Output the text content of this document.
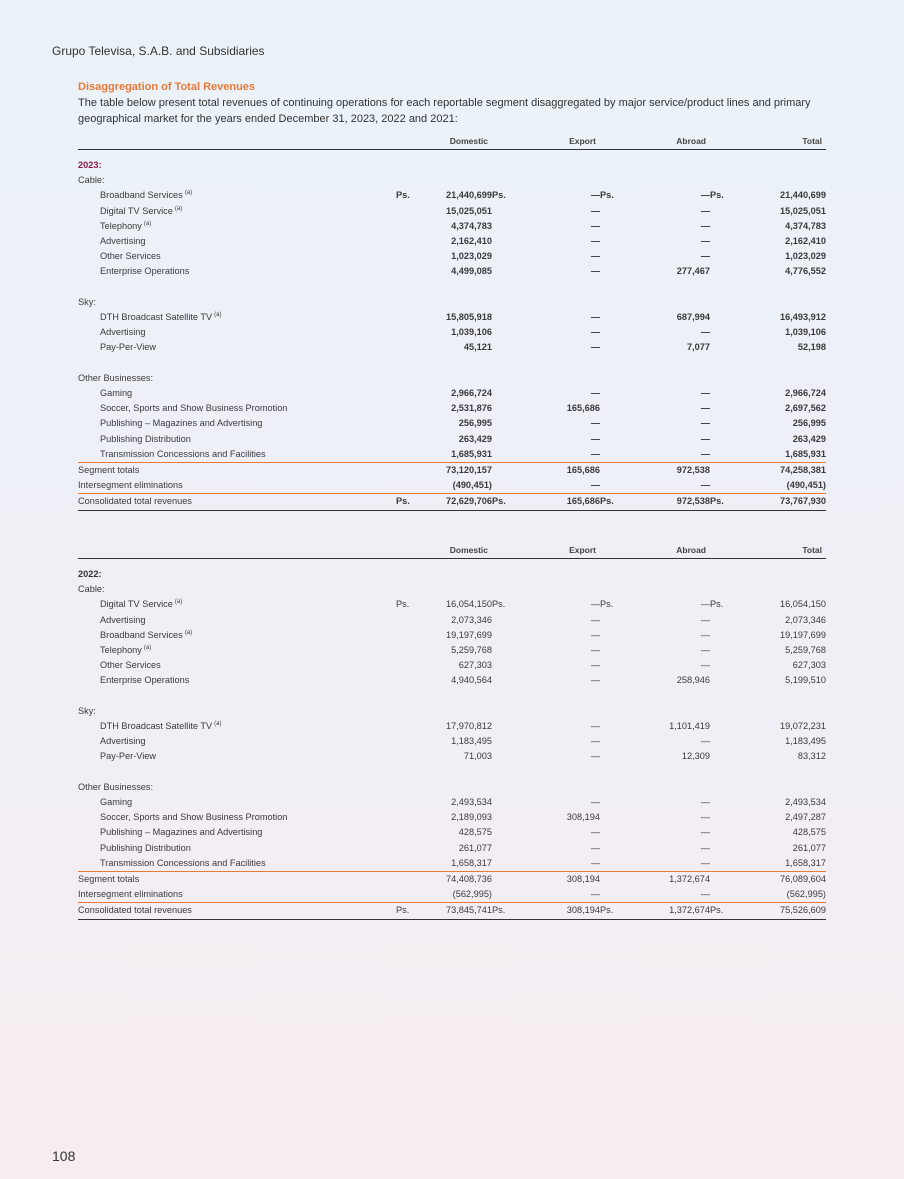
Grupo Televisa, S.A.B. and Subsidiaries
Disaggregation of Total Revenues
The table below present total revenues of continuing operations for each reportable segment disaggregated by major service/product lines and primary geographical market for the years ended December 31, 2023, 2022 and 2021:
		Domestic		Export		Abroad		Total

2023:								
Cable:								
Broadband Services $^{(a)}$	Ps.	21,440,699	Ps.	—	Ps.	—	Ps.	21,440,699
Digital TV Service $^{(a)}$		15,025,051		—		—		15,025,051
Telephony $^{(a)}$		4,374,783		—		—		4,374,783
Advertising		2,162,410		—		—		2,162,410
Other Services		1,023,029		—		—		1,023,029
Enterprise Operations		4,499,085		—		277,467		4,776,552

Sky:								
DTH Broadcast Satellite TV $^{(a)}$		15,805,918		—		687,994		16,493,912
Advertising		1,039,106		—		—		1,039,106
Pay-Per-View		45,121		—		7,077		52,198

Other Businesses:								
Gaming		2,966,724		—		—		2,966,724
Soccer, Sports and Show Business Promotion		2,531,876		165,686		—		2,697,562
Publishing – Magazines and Advertising		256,995		—		—		256,995
Publishing Distribution		263,429		—		—		263,429
Transmission Concessions and Facilities		1,685,931		—		—		1,685,931
Segment totals		73,120,157		165,686		972,538		74,258,381
Intersegment eliminations		(490,451)		—		—		(490,451)
Consolidated total revenues	Ps.	72,629,706	Ps.	165,686	Ps.	972,538	Ps.	73,767,930
		Domestic		Export		Abroad		Total

2022:								
Cable:								
Digital TV Service $^{(a)}$	Ps.	16,054,150	Ps.	—	Ps.	—	Ps.	16,054,150
Advertising		2,073,346		—		—		2,073,346
Broadband Services $^{(a)}$		19,197,699		—		—		19,197,699
Telephony $^{(a)}$		5,259,768		—		—		5,259,768
Other Services		627,303		—		—		627,303
Enterprise Operations		4,940,564		—		258,946		5,199,510

Sky:								
DTH Broadcast Satellite TV $^{(a)}$		17,970,812		—		1,101,419		19,072,231
Advertising		1,183,495		—		—		1,183,495
Pay-Per-View		71,003		—		12,309		83,312

Other Businesses:								
Gaming		2,493,534		—		—		2,493,534
Soccer, Sports and Show Business Promotion		2,189,093		308,194		—		2,497,287
Publishing – Magazines and Advertising		428,575		—		—		428,575
Publishing Distribution		261,077		—		—		261,077
Transmission Concessions and Facilities		1,658,317		—		—		1,658,317
Segment totals		74,408,736		308,194		1,372,674		76,089,604
Intersegment eliminations		(562,995)		—		—		(562,995)
Consolidated total revenues	Ps.	73,845,741	Ps.	308,194	Ps.	1,372,674	Ps.	75,526,609
108
